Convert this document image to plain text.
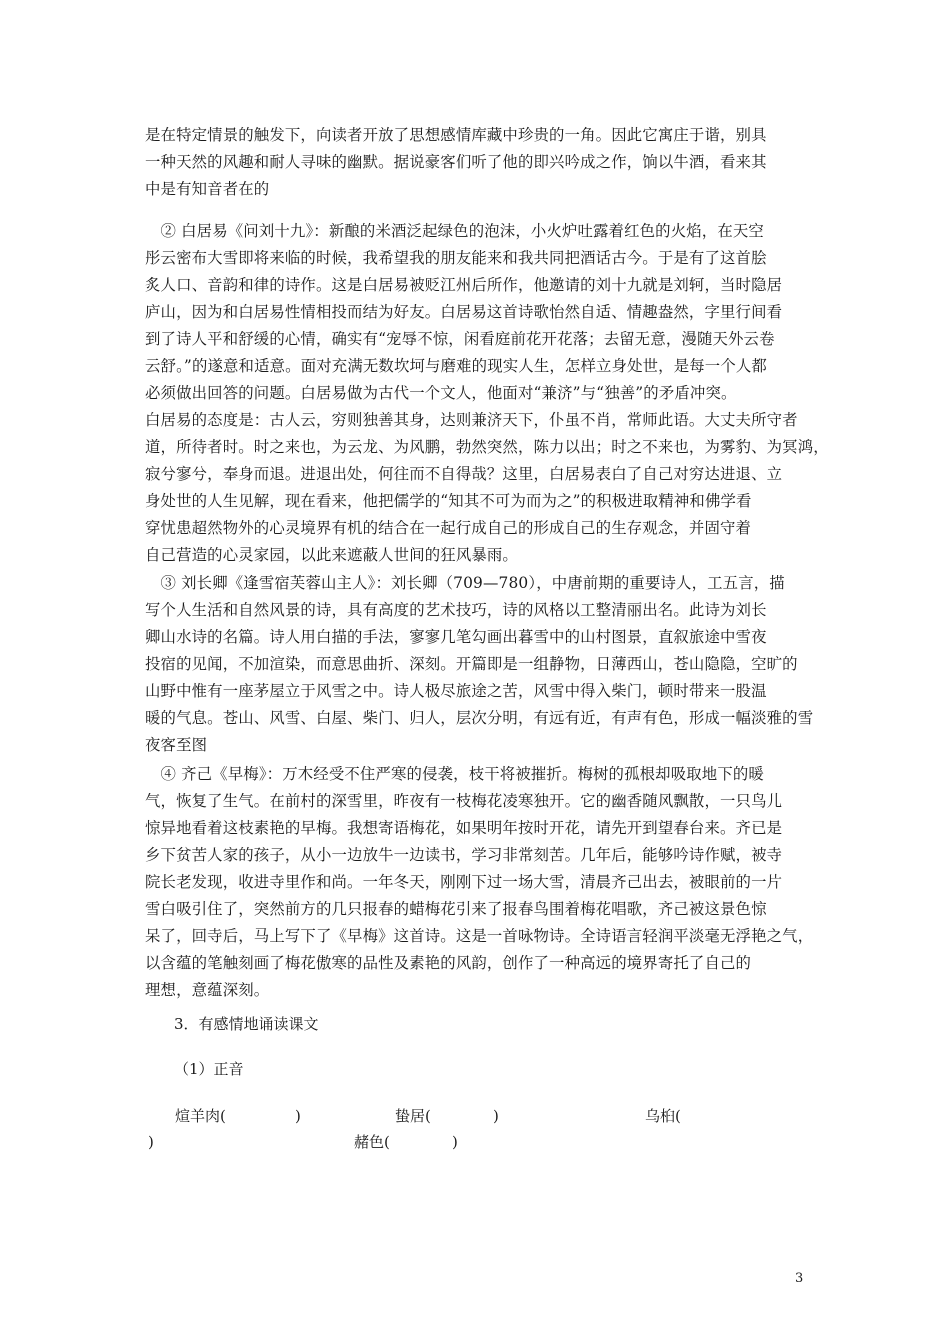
是在特定情景的触发下，向读者开放了思想感情库藏中珍贵的一角。因此它寓庄于谐，别具
一种天然的风趣和耐人寻味的幽默。据说豪客们听了他的即兴吟成之作，饷以牛酒，看来其
中是有知音者在的
　② 白居易《问刘十九》：新酿的米酒泛起绿色的泡沫，小火炉吐露着红色的火焰，在天空
彤云密布大雪即将来临的时候，我希望我的朋友能来和我共同把酒话古今。于是有了这首脍
炙人口、音韵和律的诗作。这是白居易被贬江州后所作，他邀请的刘十九就是刘轲，当时隐居
庐山，因为和白居易性情相投而结为好友。白居易这首诗歌怡然自适、情趣盎然，字里行间看
到了诗人平和舒缓的心情，确实有“宠辱不惊，闲看庭前花开花落；去留无意，漫随天外云卷
云舒。”的遂意和适意。面对充满无数坎坷与磨难的现实人生，怎样立身处世，是每一个人都
必须做出回答的问题。白居易做为古代一个文人，他面对“兼济”与“独善”的矛盾冲突。
白居易的态度是：古人云，穷则独善其身，达则兼济天下，仆虽不肖，常师此语。大丈夫所守者
道，所待者时。时之来也，为云龙、为风鹏，勃然突然，陈力以出；时之不来也，为雾豹、为冥鸿，
寂兮寥兮，奉身而退。进退出处，何往而不自得哉？这里，白居易表白了自己对穷达进退、立
身处世的人生见解，现在看来，他把儒学的“知其不可为而为之”的积极进取精神和佛学看
穿忧患超然物外的心灵境界有机的结合在一起行成自己的形成自己的生存观念，并固守着
自己营造的心灵家园，以此来遮蔽人世间的狂风暴雨。
　③ 刘长卿《逢雪宿芙蓉山主人》：刘长卿（709—780），中唐前期的重要诗人，工五言，描
写个人生活和自然风景的诗，具有高度的艺术技巧，诗的风格以工整清丽出名。此诗为刘长
卿山水诗的名篇。诗人用白描的手法，寥寥几笔勾画出暮雪中的山村图景，直叙旅途中雪夜
投宿的见闻，不加渲染，而意思曲折、深刻。开篇即是一组静物，日薄西山，苍山隐隐，空旷的
山野中惟有一座茅屋立于风雪之中。诗人极尽旅途之苦，风雪中得入柴门，顿时带来一股温
暖的气息。苍山、风雪、白屋、柴门、归人，层次分明，有远有近，有声有色，形成一幅淡雅的雪
夜客至图
　④ 齐己《早梅》：万木经受不住严寒的侵袭，枝干将被摧折。梅树的孤根却吸取地下的暖
气，恢复了生气。在前村的深雪里，昨夜有一枝梅花凌寒独开。它的幽香随风飘散，一只鸟儿
惊异地看着这枝素艳的早梅。我想寄语梅花，如果明年按时开花，请先开到望春台来。齐已是
乡下贫苦人家的孩子，从小一边放牛一边读书，学习非常刻苦。几年后，能够吟诗作赋，被寺
院长老发现，收进寺里作和尚。一年冬天，刚刚下过一场大雪，清晨齐己出去，被眼前的一片
雪白吸引住了，突然前方的几只报春的蜡梅花引来了报春鸟围着梅花唱歌，齐己被这景色惊
呆了，回寺后，马上写下了《早梅》这首诗。这是一首咏物诗。全诗语言轻润平淡毫无浮艳之气，
以含蕴的笔触刻画了梅花傲寒的品性及素艳的风韵，创作了一种高远的境界寄托了自己的
理想，意蕴深刻。

3．有感情地诵读课文

（1）正音

煊羊肉(	)	蛰居(	)	乌桕(
)	赭色(	)
3
